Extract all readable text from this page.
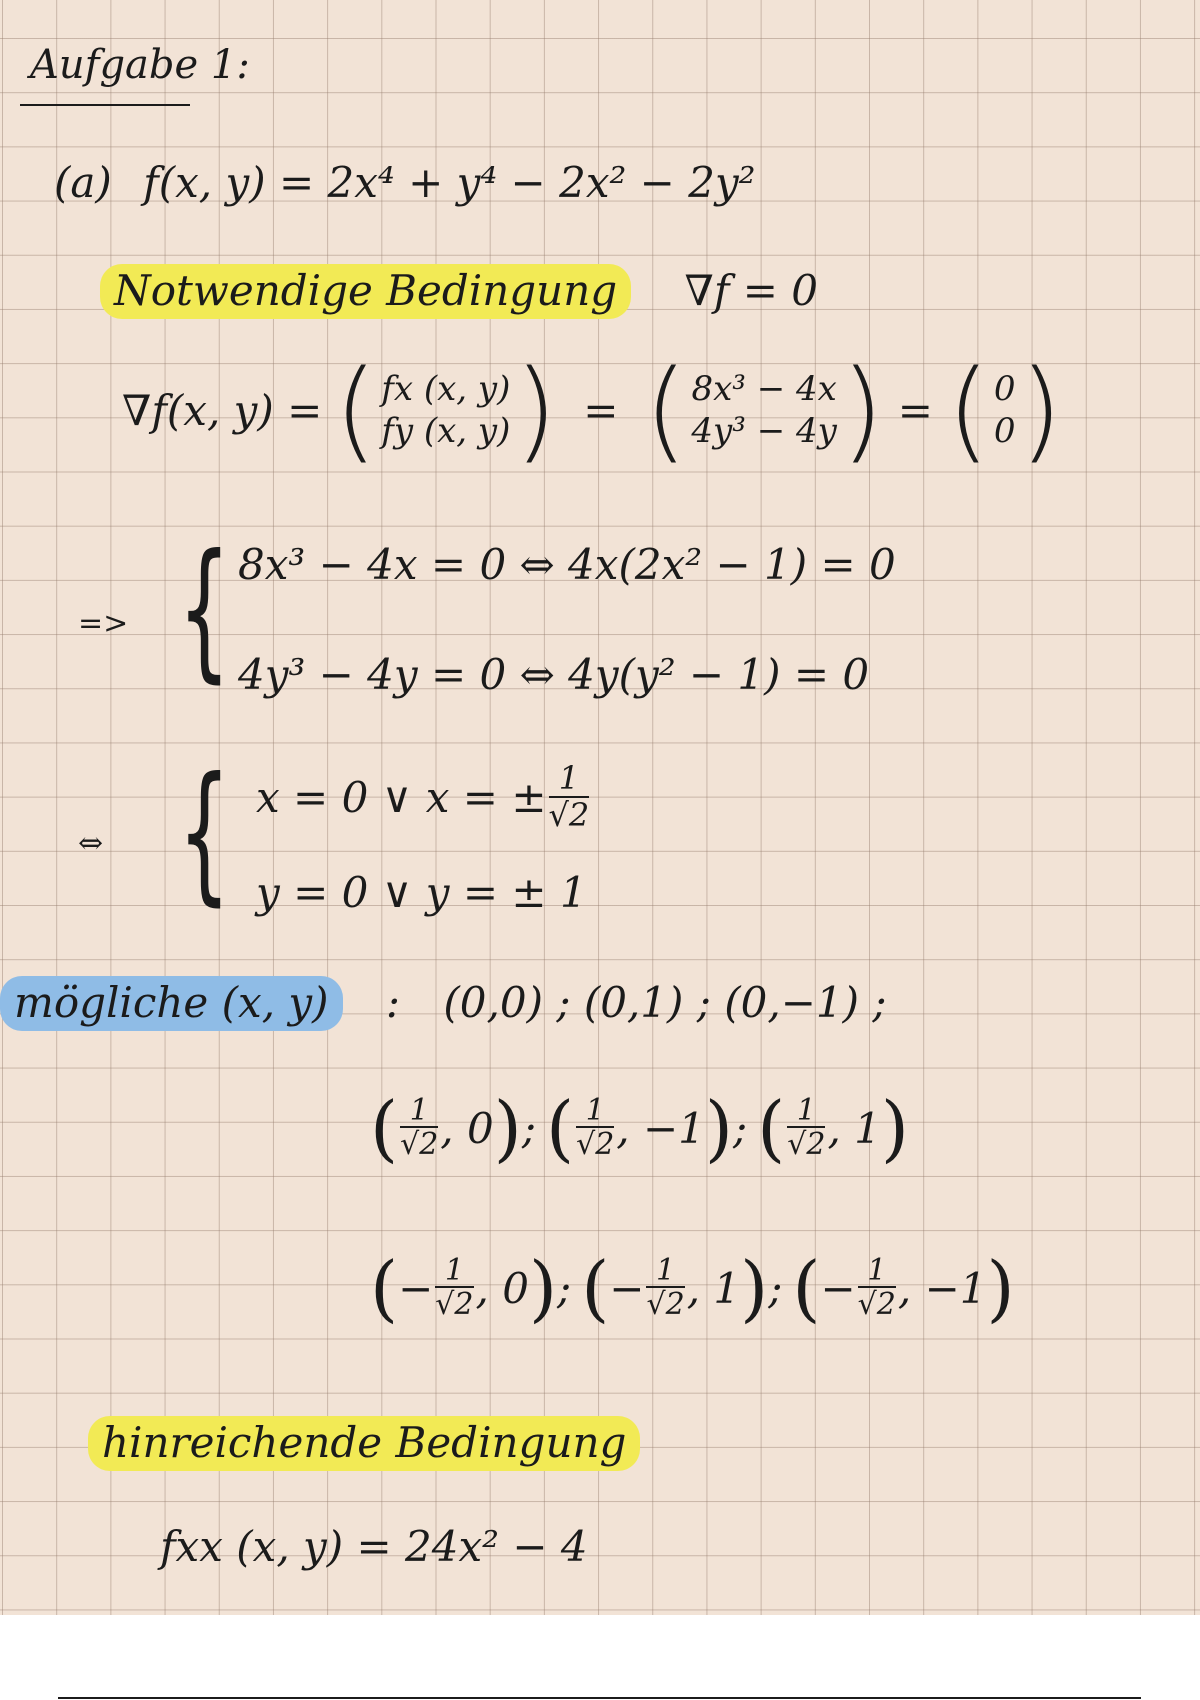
Aufgabe 1:
(a) f(x, y) = 2x⁴ + y⁴ − 2x² − 2y²
Notwendige Bedingung ∇f = 0
∇f(x, y) = ( fx (x, y)
fy (x, y) ) = ( 8x³ − 4x
4y³ − 4y ) = ( 0
0 )
=> { 8x³ − 4x = 0 ⇔ 4x(2x² − 1) = 0
4y³ − 4y = 0 ⇔ 4y(y² − 1) = 0
⇔ { x = 0 ∨ x = ± $\frac{1}{√2}$
y = 0 ∨ y = ± 1
mögliche (x, y) : (0,0) ; (0,1) ; (0,−1) ;
( $\frac{1}{√2}$ , 0 ) ; ( $\frac{1}{√2}$ , −1 ) ; ( $\frac{1}{√2}$ , 1 )
( − $\frac{1}{√2}$ , 0 ) ; ( − $\frac{1}{√2}$ , 1 ) ; ( − $\frac{1}{√2}$ , −1 )
hinreichende Bedingung
fxx (x, y) = 24x² − 4
